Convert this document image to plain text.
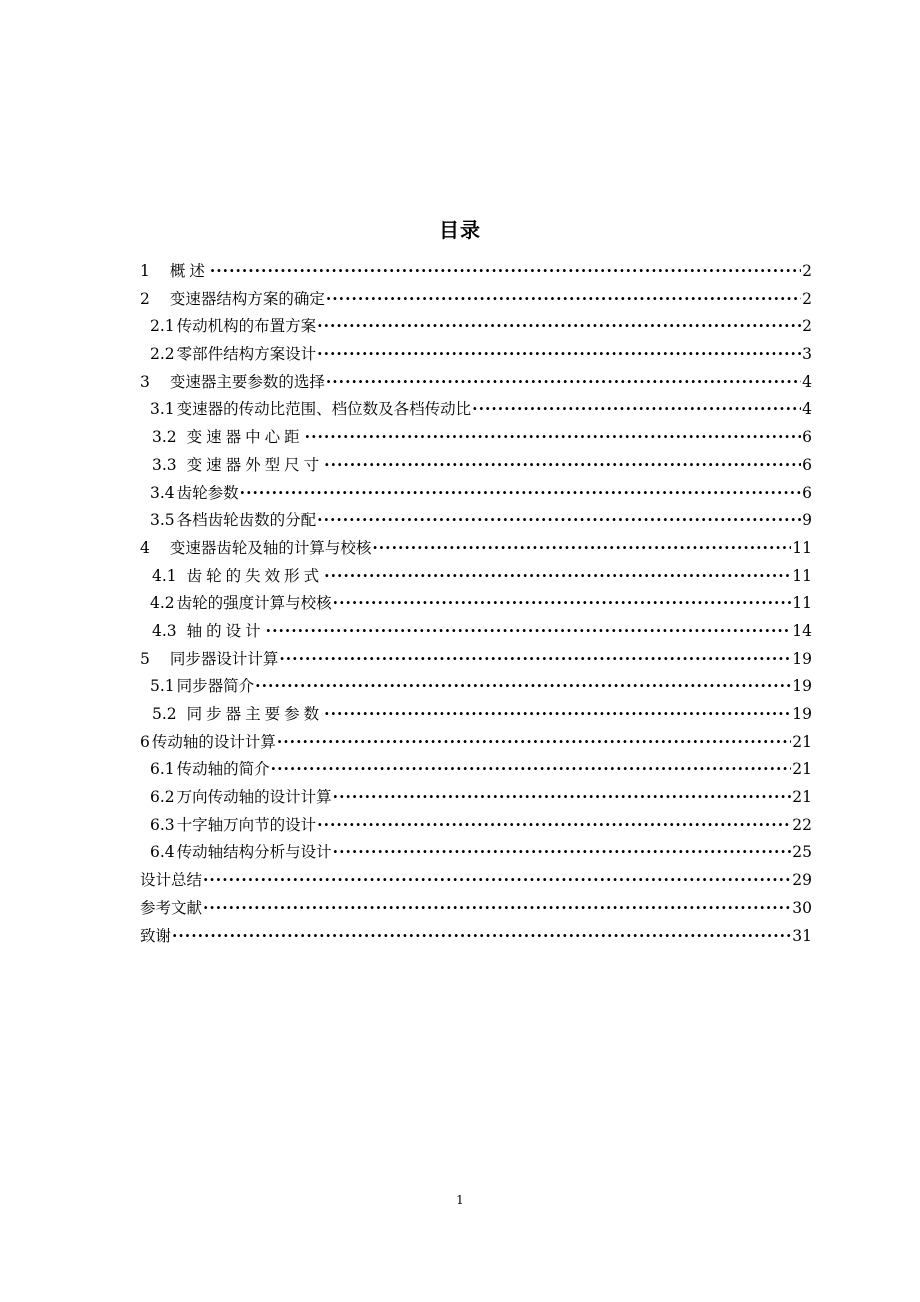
目录
1 概述 ·····	2
2 变速器结构方案的确定 ·····	2
2.1 传动机构的布置方案 ·····	2
2.2 零部件结构方案设计 ·····	3
3 变速器主要参数的选择 ·····	4
3.1 变速器的传动比范围、档位数及各档传动比 ·····	4
3.2 变速器中心距 ·····	6
3.3 变速器外型尺寸 ·····	6
3.4 齿轮参数 ·····	6
3.5 各档齿轮齿数的分配 ·····	9
4 变速器齿轮及轴的计算与校核 ·····	11
4.1 齿轮的失效形式 ·····	11
4.2 齿轮的强度计算与校核 ·····	11
4.3 轴的设计 ·····	14
5 同步器设计计算 ·····	19
5.1 同步器简介 ·····	19
5.2 同步器主要参数 ·····	19
6 传动轴的设计计算 ·····	21
6.1 传动轴的简介 ·····	21
6.2 万向传动轴的设计计算 ·····	21
6.3 十字轴万向节的设计 ·····	22
6.4 传动轴结构分析与设计 ·····	25
设计总结 ·····	29
参考文献 ·····	30
致谢 ·····	31
1
